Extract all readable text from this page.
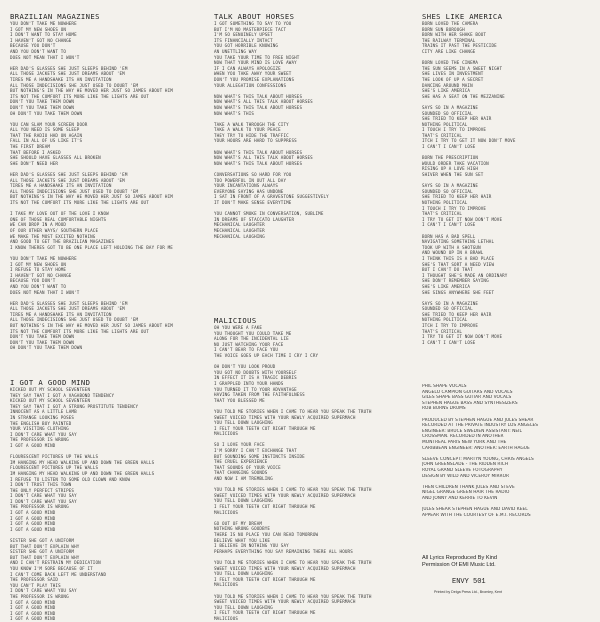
BRAZILIAN MAGAZINES
YOU DON'T TAKE ME NOWHERE
I GOT MY NEW SHOES ON
I DON'T WANT TO STAY HOME
I HAVEN'T GOT NO CHANGE
BECAUSE YOU DON'T
AND YOU DON'T WANT TO
DOES NOT MEAN THAT I WON'T
HER DAD'S GLASSES SHE JUST SLEEPS BEHIND 'EM
ALL THOSE JACKETS SHE JUST DREAMS ABOUT 'EM
TIRES ME A HANDSHAKE ITS AN INVITATION
ALL THOSE INDECISIONS SHE JUST USED TO DOUBT 'EM
BUT NOTHING'S IN THE WAY HE MOVED HER JUST SO JAMES ABOUT HIM
ITS NOT THE COMFORT ITS MORE LIKE THE LIGHTS ARE OUT
DON'T YOU TAKE THEM DOWN
DON'T YOU TAKE THEM DOWN
OH DON'T YOU TAKE THEM DOWN
YOU CAN SLAM YOUR SCREEN DOOR
ALL YOU NEED IS SOME SLEEP
THAT THE RADIO HAD ON AGAIN
FALL IN ALL OF US LIKE IT'S
THE FIRST DREAM
THAT BEFORE I ASKED
SHE SHOULD HAVE GLASSES ALL BROKEN
SHE DON'T NEED HER
HER DAD'S GLASSES SHE JUST SLEEPS BEHIND 'EM
ALL THOSE JACKETS SHE JUST DREAMS ABOUT 'EM
TIRES ME A HANDSHAKE ITS AN INVITATION
ALL THOSE INDECISIONS SHE JUST USED TO DOUBT 'EM
BUT NOTHING'S IN THE WAY HE MOVED HER JUST SO JAMES ABOUT HIM
ITS NOT THE COMFORT ITS MORE LIKE THE LIGHTS ARE OUT
I TAKE MY LOVE OUT OF THE LOVE I KNOW
ONE OF THOSE REAL COMFORTABLE NIGHTS
WE CAN DROP IN A MOOD
OF OUR OTHER WAYS/ SOUTHERN PLACE
WE MAKE THE MOST EXCITED NOTHING
AND GOOD TO GET THE BRAZILIAN MAGAZINES
I KNOW THERES GOT TO BE ONE PLACE LEFT HOLDING THE BAY FOR ME
YOU DON'T TAKE ME NOWHERE
I GOT MY NEW SHOES ON
I REFUSE TO STAY HOME
I HAVEN'T GOT NO CHANGE
BECAUSE YOU DON'T
AND YOU DON'T WANT TO
DOES NOT MEAN THAT I WON'T
HER DAD'S GLASSES SHE JUST SLEEPS BEHIND 'EM
ALL THOSE JACKETS SHE JUST DREAMS ABOUT 'EM
TIRES ME A HANDSHAKE ITS AN INVITATION
ALL THOSE INDECISIONS SHE JUST USED TO DOUBT 'EM
BUT NOTHING'S IN THE WAY HE MOVED HER JUST SO JAMES ABOUT HIM
ITS NOT THE COMFORT ITS MORE LIKE THE LIGHTS ARE OUT
DON'T YOU TAKE THEM DOWN
DON'T YOU TAKE THEM DOWN
OH DON'T YOU TAKE THEM DOWN
I GOT A GOOD MIND
KICKED OUT MY SCHOOL SEVENTEEN
THEY SAY THAT I GOT A VAGABOND TENDENCY
KICKED OUT MY SCHOOL SEVENTEEN
THEY SAY THAT I GOT A STRONG PROSTITUTE TENDENCY
INNOCENT AS A LITTLE LAMB
IN STRANGE LOOKING POSES
THE ENGLISH BOY PAINTED
YOUR VISITING CLOTHING
I DON'T CARE WHAT YOU SAY
THE PROFESSOR IS WRONG
I GOT A GOOD MIND
FLOURESCENT PICTURES UP THE WALLS
IM HANGING MY HEAD WALKING UP AND DOWN THE GREEN HALLS
FLOURESCENT PICTURES UP THE WALLS
IM HANGING MY HEAD WALKING UP AND DOWN THE GREEN HALLS
I REFUSE TO LISTEN TO SOME OLD CLOWN AND KNOW
I DON'T TRUST THIS TOWN
THE ONLY PERFECT STRIPES
I DON'T CARE WHAT YOU SAY
I DON'T CARE WHAT YOU SAY
THE PROFESSOR IS WRONG
I GOT A GOOD MIND
I GOT A GOOD MIND
I GOT A GOOD MIND
I GOT A GOOD MIND
SISTER SHE GOT A UNIFORM
BUT THAT DON'T EXPLAIN WHY
SISTER SHE GOT A UNIFORM
BUT THAT DON'T EXPLAIN WHY
AND I CAN'T RESTRAIN MY DEDICATION
YOU KNOW I'M SORE BECAUSE OF IT
I CAN'T COME BACK LEFT ME UNDERSTAND
THE PROFESSOR SAID
YOU CAN'T PLAY THIS
I DON'T CARE WHAT YOU SAY
THE PROFESSOR IS WRONG
I GOT A GOOD MIND
I GOT A GOOD MIND
I GOT A GOOD MIND
I GOT A GOOD MIND
TALK ABOUT HORSES
I GOT SOMETHING TO SAY TO YOU
BUT I'M NO MASTERPIECE TACT
I'M SO GENUINELY UPSET
ITS FINANCIALLY INTACT
YOU GOT HORRIBLE KNOWING
AN UNETTLING WAY
YOU TAKE YOUR TIME TO FREE NIGHT
NOW THAT YOUR MIND IS LOVE AWAY
IF I CAN ALWAYS APOLOGIZE
WHEN YOU TAKE AWAY YOUR SWEET
DON'T YOU PROMISE EXPLANATIONS
YOUR ALLEGATION CONFESSIONS
NOW WHAT'S THIS TALK ABOUT HORSES
NOW WHAT'S ALL THIS TALK ABOUT HORSES
NOW WHAT'S THIS TALK ABOUT HORSES
NOW WHAT'S THIS
TAKE A WALK THROUGH THE CITY
TAKE A WALK TO YOUR PEACE
THEY TRY TO HIDE THE TRAFFIC
YOUR HOURS ARE HARD TO SUPPRESS
NOW WHAT'S THIS TALK ABOUT HORSES
NOW WHAT'S ALL THIS TALK ABOUT HORSES
NOW WHAT'S THIS TALK ABOUT HORSES
CONVERSATIONS SO HARD FOR YOU
TOO POWERFUL IN OUT ALL DAY
YOUR INCANTATIONS ALWAYS
EVERYONE SAYING HAS UNDONE
I SAT IN FRONT OF A GRAVESTONE SUGGESTIVELY
IT DON'T MAKE SENSE EVERYTIME
YOU CANNOT SMOKE IN CONVERSATION, SUBLIME
IN DREAMS OF STACCATO LAUGHTER
MECHANICAL LAUGHTER
MECHANICAL LAUGHTER
MECHANICAL LAUGHING
MALICIOUS
OH YOU WERE A FAKE
YOU THOUGHT YOU COULD TAKE ME
ALONG FOR THE INCIDENTAL LIE
NO JUST WATCHING YOUR FACE
I CAN'T BEAR TO FACE YOU
THE VOICE GOES UP EACH TIME I CRY I CRY
OH DON'T YOU LOOK PROUD
YOU GOT NO DOUBTS WITH YOURSELF
IN EFFECT IT IS A TRAGIC DEBRIS
I GRAPPLED INTO YOUR HANDS
YOU TURNED IT TO YOUR ADVANTAGE
HAVING TAKEN FROM THE FAITHFULNESS
THAT YOU BLESSED ME
YOU TOLD ME STORIES WHEN I CAME TO HEAR YOU SPEAK THE TRUTH
SWEET VOICED TIMES WITH YOUR NEWLY ACQUIRED SUPERMACH
YOU TELL DOWN LAUGHING
I FELT YOUR TEETH CUT RIGHT THROUGH ME
MALICIOUS
SO I LOVE YOUR FACE
I'M SORRY I CAN'T EXCHANGE THAT
BUT SOUNDING SOME INSTINCTS INSIDE
THE CRUEL EXPERIENCE
THAT SOUNDS OF YOUR VOICE
THAT CHANGING SOUNDS
AND NOW I AM TREMBLING
YOU TOLD ME STORIES WHEN I CAME TO HEAR YOU SPEAK THE TRUTH
SWEET VOICED TIMES WITH YOUR NEWLY ACQUIRED SUPERMACH
YOU TELL DOWN LAUGHING
I FELT YOUR TEETH CUT RIGHT THROUGH ME
MALICIOUS
GO OUT OF MY DREAM
NOTHING WRONG GOODBYE
THERE IS NO PLACE YOU CAN READ TOMORROW
BELIEVE WHAT YOU LIKE
I BELIEVE IN NOTHING YOU SAY
PERHAPS EVERYTHING YOU SAY REMAINING THERE ALL HOURS
YOU TOLD ME STORIES WHEN I CAME TO HEAR YOU SPEAK THE TRUTH
SWEET VOICED TIMES WITH YOUR NEWLY ACQUIRED SUPERMACH
YOU TELL DOWN LAUGHING
I FELT YOUR TEETH CUT RIGHT THROUGH ME
MALICIOUS
YOU TOLD ME STORIES WHEN I CAME TO HEAR YOU SPEAK THE TRUTH
SWEET VOICED TIMES WITH YOUR NEWLY ACQUIRED SUPERMACH
YOU TELL DOWN LAUGHING
I FELT YOUR TEETH CUT RIGHT THROUGH ME
MALICIOUS
SHES LIKE AMERICA
BORN LOVED THE CAMERA
BORN SUN BOROUGH
BORN WITH HER SHAKE BOOT
THE RAILWAY TERMINAL
TRAINS IT PAST THE PESTICIDE
CITY ARE LIKE CHANGE
BORN LOVED THE CINEMA
THE SUN SEEMS IN A SWEET NIGHT
SHE LIVES IN INVESTMENT
THE LOOK OF UP A SECRET
DANCING AROUND MAIN
SHE'S LIKE AMERICA
SHE HAS A SEAT ON THE MEZZANINE
SAYS SO IN A MAGAZINE
SOUNDED SO OFFICIAL
SHE TRIED TO KEEP HER HAIR
NOTHING POLITICAL
I TOUCH I TRY TO IMPROVE
THAT'S CRITICAL
ITCH I TRY TO GET IT NOW DON'T MOVE
I CAN'T I CAN'T LOSE
BORN THE PRESCRIPTION
WOULD ORDER TAKE VACATION
RISING UP A LOVE HIGH
SHIVER WHEN THE SUN SET
SAYS SO IN A MAGAZINE
SOUNDED SO OFFICIAL
SHE TRIED TO KEEP HER HAIR
NOTHING POLITICAL
I TOUCH I TRY TO IMPROVE
THAT'S CRITICAL
I TRY TO GET IT NOW DON'T MOVE
I CAN'T I CAN'T LOSE
BORN HAS A BAD SPELL
NAVIGATING SOMETHING LETHAL
TOOK UP WITH A SHOTGUN
AND WOUND UP IN A BRAWL
I THINK THIS IS A BAD PLACE
SHE'S THAT SORT A NEED VIEW
BUT I CAN'T DO THAT
I THOUGHT SHE'S MADE AN ORDINARY
SHE DON'T REMEMBER SAYING
SHE'S LIKE AMERICA
SHE SINGS ANYWHERE SHE FEET
SAYS SO IN A MAGAZINE
SOUNDED SO OFFICIAL
SHE TRIED TO KEEP HER HAIR
NOTHING POLITICAL
ITCH I TRY TO IMPROVE
THAT'S CRITICAL
I TRY TO GET IT NOW DON'T MOVE
I CAN'T I CAN'T LOSE
PHIL SHAPE VOCALS
ANGELO CAMPION GUITARS AND VOCALS
GILES SHAPE BASS GUITAR AND VOCALS
STEPHEN HAGUE BASS AND SYNTHESIZERS
ROB BURNS DRUMS
PRODUCED BY STEPHEN HAGUE AND JULES SHEAR
RECORDED AT THE PRIVATE INDUSTRY LOS ANGELES
ENGINEER: BRUCE SWEDIEN ASSISTANT: NEIL
CROSSMAN. RECORDED IN ANOTHER
MONTREAL PARIS NEW YORK AND THE
CARIBBEAN ENGINEER: ANOTHER: EARTH HAGUE
SLEEVE CONCEPT: MARTYN YOUNG, CHRIS ANGELS
JOHN GREENSLADE - THE RIDDEN RICH
ROYAL GRAND SLEEVE FOTOGRAPHY
DESIGN BY WILD AND VICEROY MIRROR
THEN CHILDREN THANK JULES AND STEVE
NIGEL GRANGE GREEN HAIR THE RADIO
AND JONNY AND KERRIE TO KEVIN
JULES SHEAR STEPHEN HAGUE AND DAVID KEEL
APPEAR WITH THE COURTESY OF E.M.I. RECORDS
All Lyrics Reproduced By Kind
Permission Of EMI Music Ltd.
ENVY 501
Printed by Delga Press Ltd., Bromley, Kent
